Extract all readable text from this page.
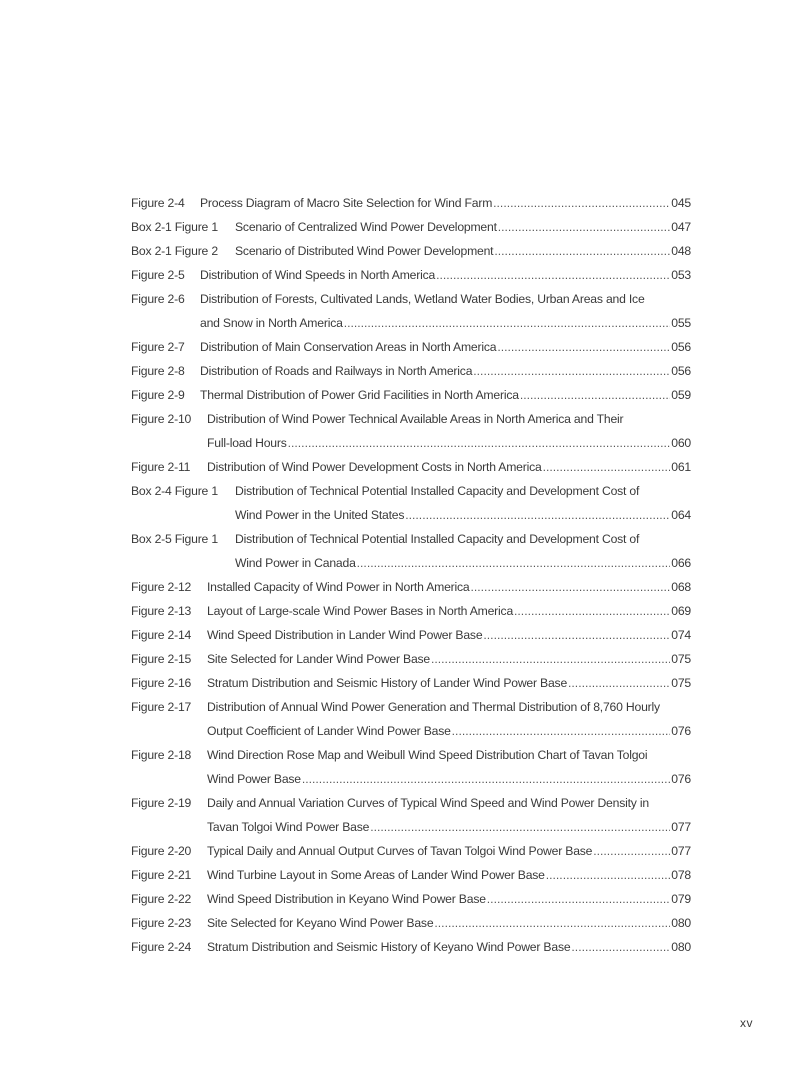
Figure 2-4	Process Diagram of Macro Site Selection for Wind Farm .....	045
Box 2-1 Figure 1	Scenario of Centralized Wind Power Development .....	047
Box 2-1 Figure 2	Scenario of Distributed Wind Power Development .....	048
Figure 2-5	Distribution of Wind Speeds in North America .....	053
Figure 2-6	Distribution of Forests, Cultivated Lands, Wetland Water Bodies, Urban Areas and Ice
and Snow in North America .....	055
Figure 2-7	Distribution of Main Conservation Areas in North America .....	056
Figure 2-8	Distribution of Roads and Railways in North America .....	056
Figure 2-9	Thermal Distribution of Power Grid Facilities in North America .....	059
Figure 2-10	Distribution of Wind Power Technical Available Areas in North America and Their
Full-load Hours .....	060
Figure 2-11	Distribution of Wind Power Development Costs in North America .....	061
Box 2-4 Figure 1	Distribution of Technical Potential Installed Capacity and Development Cost of
Wind Power in the United States .....	064
Box 2-5 Figure 1	Distribution of Technical Potential Installed Capacity and Development Cost of
Wind Power in Canada .....	066
Figure 2-12	Installed Capacity of Wind Power in North America .....	068
Figure 2-13	Layout of Large-scale Wind Power Bases in North America .....	069
Figure 2-14	Wind Speed Distribution in Lander Wind Power Base .....	074
Figure 2-15	Site Selected for Lander Wind Power Base .....	075
Figure 2-16	Stratum Distribution and Seismic History of Lander Wind Power Base .....	075
Figure 2-17	Distribution of Annual Wind Power Generation and Thermal Distribution of 8,760 Hourly
Output Coefficient of Lander Wind Power Base .....	076
Figure 2-18	Wind Direction Rose Map and Weibull Wind Speed Distribution Chart of Tavan Tolgoi
Wind Power Base .....	076
Figure 2-19	Daily and Annual Variation Curves of Typical Wind Speed and Wind Power Density in
Tavan Tolgoi Wind Power Base .....	077
Figure 2-20	Typical Daily and Annual Output Curves of Tavan Tolgoi Wind Power Base .....	077
Figure 2-21	Wind Turbine Layout in Some Areas of Lander Wind Power Base .....	078
Figure 2-22	Wind Speed Distribution in Keyano Wind Power Base .....	079
Figure 2-23	Site Selected for Keyano Wind Power Base .....	080
Figure 2-24	Stratum Distribution and Seismic History of Keyano Wind Power Base .....	080
xv
